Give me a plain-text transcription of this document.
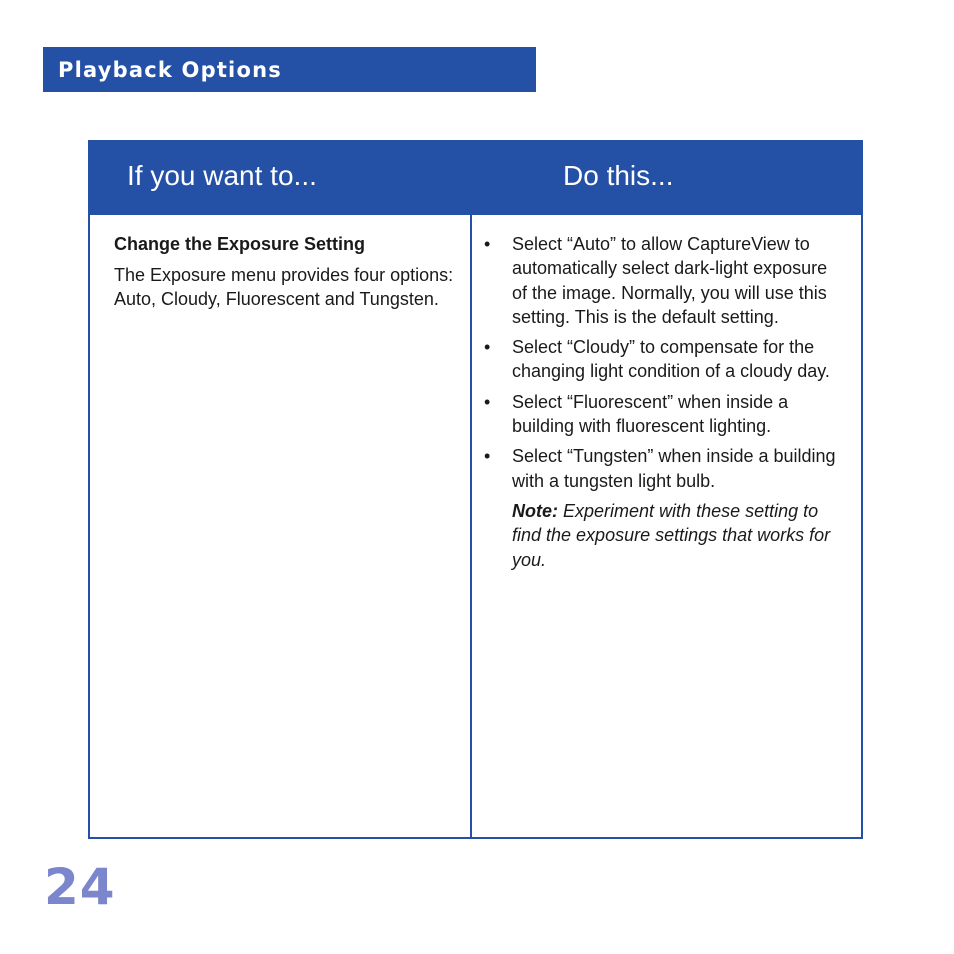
Playback Options
If you want to...	Do this...

Change the Exposure Setting

The Exposure menu provides four options: Auto, Cloudy, Fluorescent and Tungsten.

• Select “Auto” to allow CaptureView to automatically select dark-light exposure of the image. Normally, you will use this setting. This is the default setting.
• Select “Cloudy” to compensate for the changing light condition of a cloudy day.
• Select “Fluorescent” when inside a building with fluorescent lighting.
• Select “Tungsten” when inside a building with a tungsten light bulb.

Note: Experiment with these setting to find the exposure settings that works for you.

24
